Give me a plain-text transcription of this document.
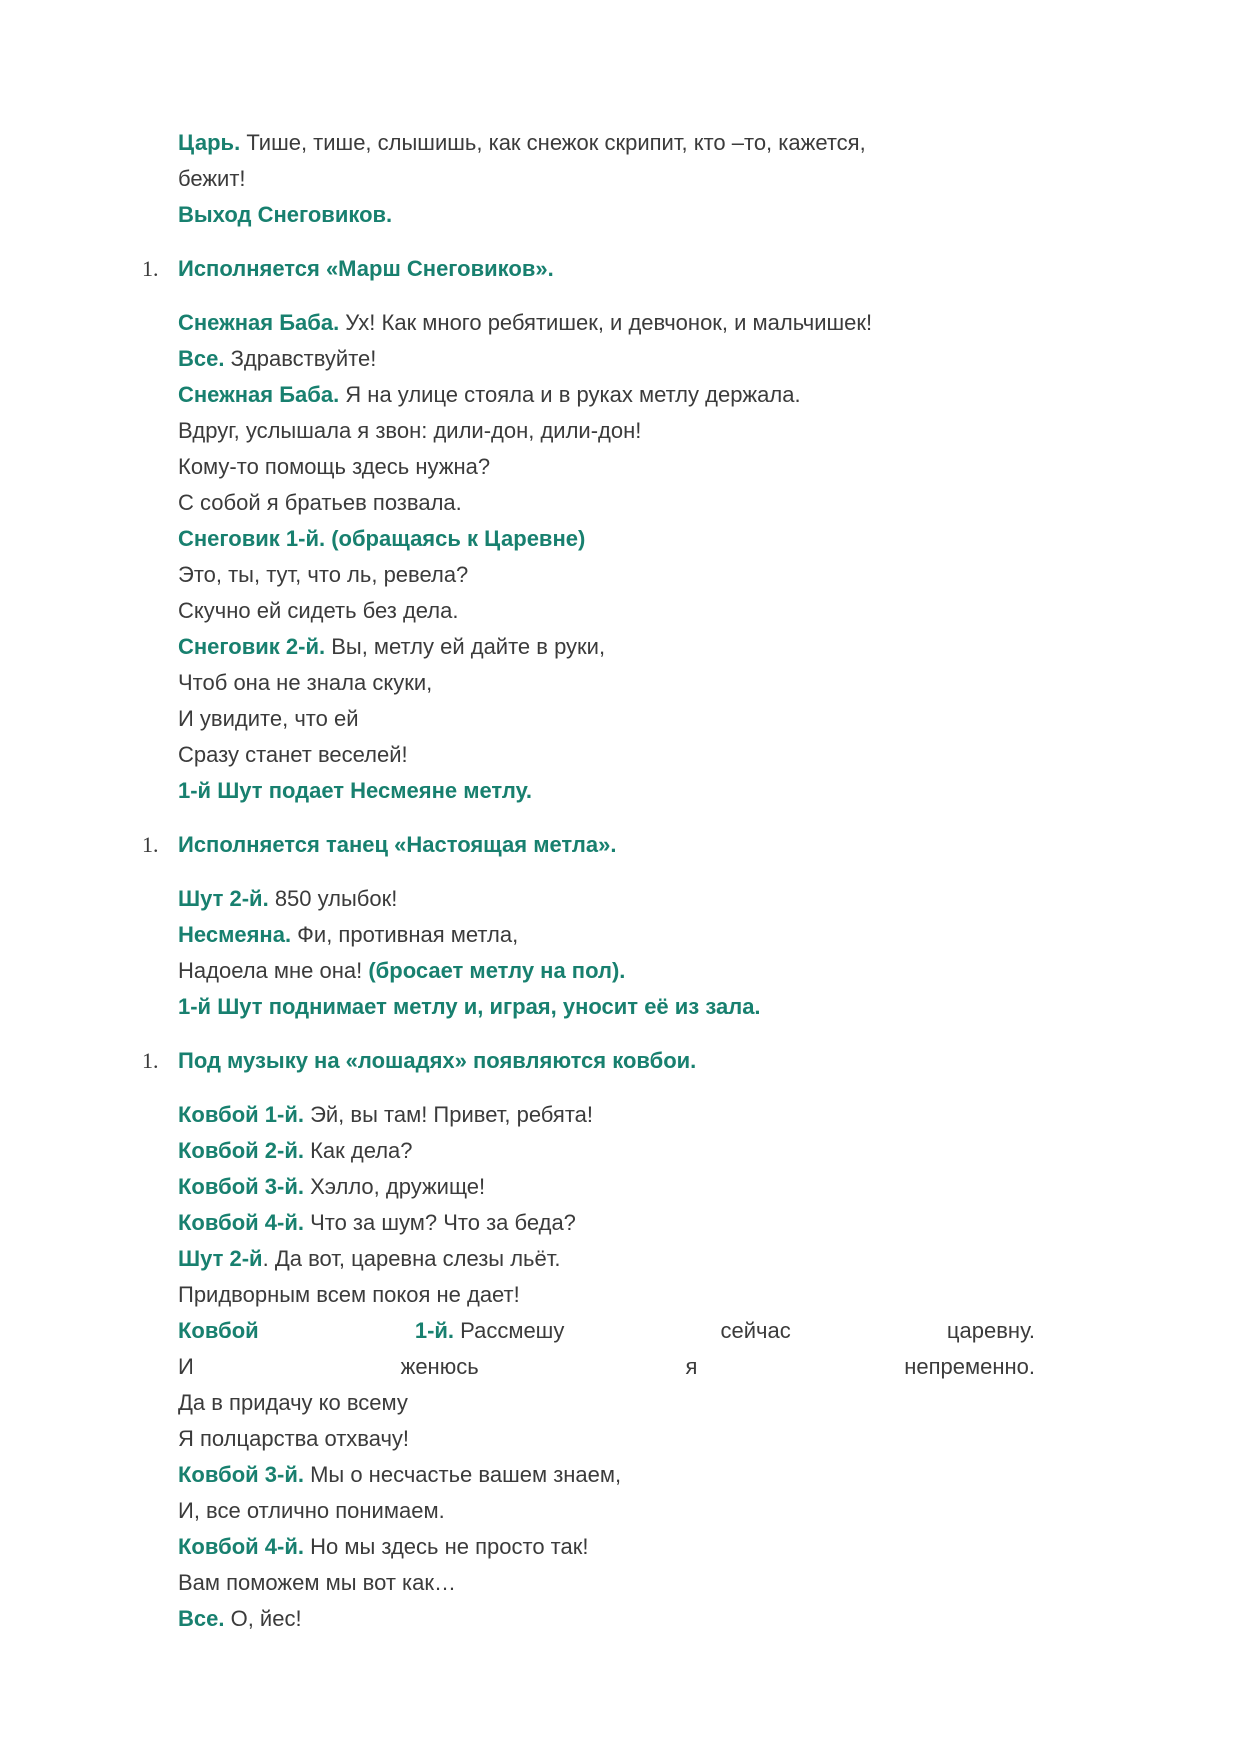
Царь. Тише, тише, слышишь, как снежок скрипит, кто –то, кажется,
бежит!

Выход Снеговиков.

1. Исполняется «Марш Снеговиков».

Снежная Баба. Ух! Как много ребятишек, и девчонок, и мальчишек!

Все. Здравствуйте!

Снежная Баба. Я на улице стояла и в руках метлу держала.

Вдруг, услышала я звон: дили-дон, дили-дон!

Кому-то помощь здесь нужна?

С собой я братьев позвала.

Снеговик 1-й. (обращаясь к Царевне)

Это, ты, тут, что ль, ревела?

Скучно ей сидеть без дела.

Снеговик 2-й. Вы, метлу ей дайте в руки,

Чтоб она не знала скуки,

И увидите, что ей

Сразу станет веселей!

1-й Шут подает Несмеяне метлу.

1. Исполняется танец «Настоящая метла».

Шут 2-й. 850 улыбок!

Несмеяна. Фи, противная метла,

Надоела мне она! (бросает метлу на пол).

1-й Шут поднимает метлу и, играя, уносит её из зала.

1. Под музыку на «лошадях» появляются ковбои.

Ковбой 1-й. Эй, вы там! Привет, ребята!

Ковбой 2-й. Как дела?

Ковбой 3-й. Хэлло, дружище!

Ковбой 4-й. Что за шум? Что за беда?

Шут 2-й. Да вот, царевна слезы льёт.

Придворным всем покоя не дает!

Ковбой	1-й. Рассмешу	сейчас	царевну.

И	женюсь	я	непременно.

Да в придачу ко всему

Я полцарства отхвачу!

Ковбой 3-й. Мы о несчастье вашем знаем,

И, все отлично понимаем.

Ковбой 4-й. Но мы здесь не просто так!

Вам поможем мы вот как…

Все. О, йес!
